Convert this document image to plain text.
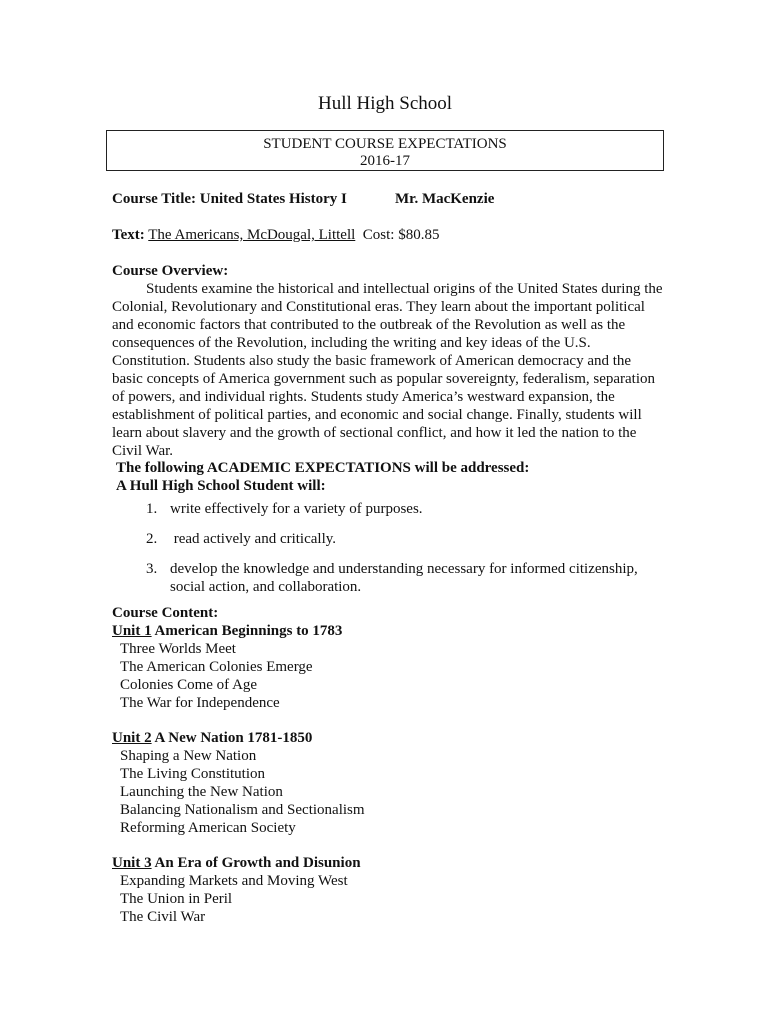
Hull High School
STUDENT COURSE EXPECTATIONS
2016-17
Course Title: United States History I	Mr. MacKenzie
Text: The Americans, McDougal, Littell Cost: $80.85
Course Overview:
Students examine the historical and intellectual origins of the United States during the Colonial, Revolutionary and Constitutional eras. They learn about the important political and economic factors that contributed to the outbreak of the Revolution as well as the consequences of the Revolution, including the writing and key ideas of the U.S. Constitution. Students also study the basic framework of American democracy and the basic concepts of America government such as popular sovereignty, federalism, separation of powers, and individual rights. Students study America’s westward expansion, the establishment of political parties, and economic and social change. Finally, students will learn about slavery and the growth of sectional conflict, and how it led the nation to the Civil War.
The following ACADEMIC EXPECTATIONS will be addressed:
A Hull High School Student will:
1. write effectively for a variety of purposes.
2. read actively and critically.
3. develop the knowledge and understanding necessary for informed citizenship, social action, and collaboration.
Course Content:
Unit 1 American Beginnings to 1783
Three Worlds Meet
The American Colonies Emerge
Colonies Come of Age
The War for Independence
Unit 2 A New Nation 1781-1850
Shaping a New Nation
The Living Constitution
Launching the New Nation
Balancing Nationalism and Sectionalism
Reforming American Society
Unit 3 An Era of Growth and Disunion
Expanding Markets and Moving West
The Union in Peril
The Civil War
